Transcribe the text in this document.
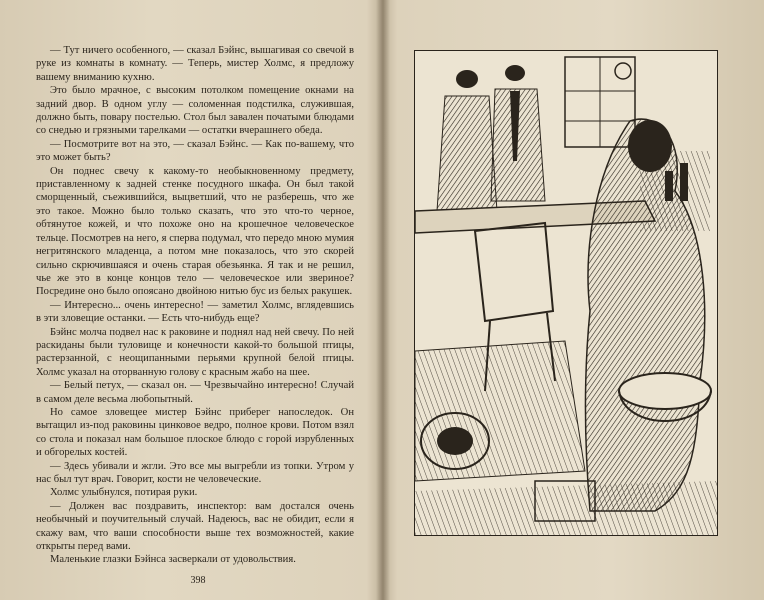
— Тут ничего особенного, — сказал Бэйнс, вышагивая со свечой в руке из комнаты в комнату. — Теперь, мистер Холмс, я предложу вашему вниманию кухню.

Это было мрачное, с высоким потолком помещение окнами на задний двор. В одном углу — соломенная подстилка, служившая, должно быть, повару постелью. Стол был завален початыми блюдами со снедью и грязными тарелками — остатки вчерашнего обеда.

— Посмотрите вот на это, — сказал Бэйнс. — Как по-вашему, что это может быть?

Он поднес свечу к какому-то необыкновенному предмету, приставленному к задней стенке посудного шкафа. Он был такой сморщенный, съежившийся, выцветший, что не разберешь, что же это такое. Можно было только сказать, что это что-то черное, обтянутое кожей, и что похоже оно на крошечное человеческое тельце. Посмотрев на него, я сперва подумал, что передо мною мумия негритянского младенца, а потом мне показалось, что это скорей сильно скрючившаяся и очень старая обезьянка. Я так и не решил, чье же это в конце концов тело — человеческое или звериное? Посредине оно было опоясано двойною нитью бус из белых ракушек.

— Интересно... очень интересно! — заметил Холмс, вглядевшись в эти зловещие останки. — Есть что-нибудь еще?

Бэйнс молча подвел нас к раковине и поднял над ней свечу. По ней раскиданы были туловище и конечности какой-то большой птицы, растерзанной, с неощипанными перьями крупной белой птицы. Холмс указал на оторванную голову с красным жабо на шее.

— Белый петух, — сказал он. — Чрезвычайно интересно! Случай в самом деле весьма любопытный.

Но самое зловещее мистер Бэйнс приберег напоследок. Он вытащил из-под раковины цинковое ведро, полное крови. Потом взял со стола и показал нам большое плоское блюдо с горой изрубленных и обгорелых костей.

— Здесь убивали и жгли. Это все мы выгребли из топки. Утром у нас был тут врач. Говорит, кости не человеческие.

Холмс улыбнулся, потирая руки.

— Должен вас поздравить, инспектор: вам достался очень необычный и поучительный случай. Надеюсь, вас не обидит, если я скажу вам, что ваши способности выше тех возможностей, какие открыты перед вами.

Маленькие глазки Бэйнса засверкали от удовольствия.

398
